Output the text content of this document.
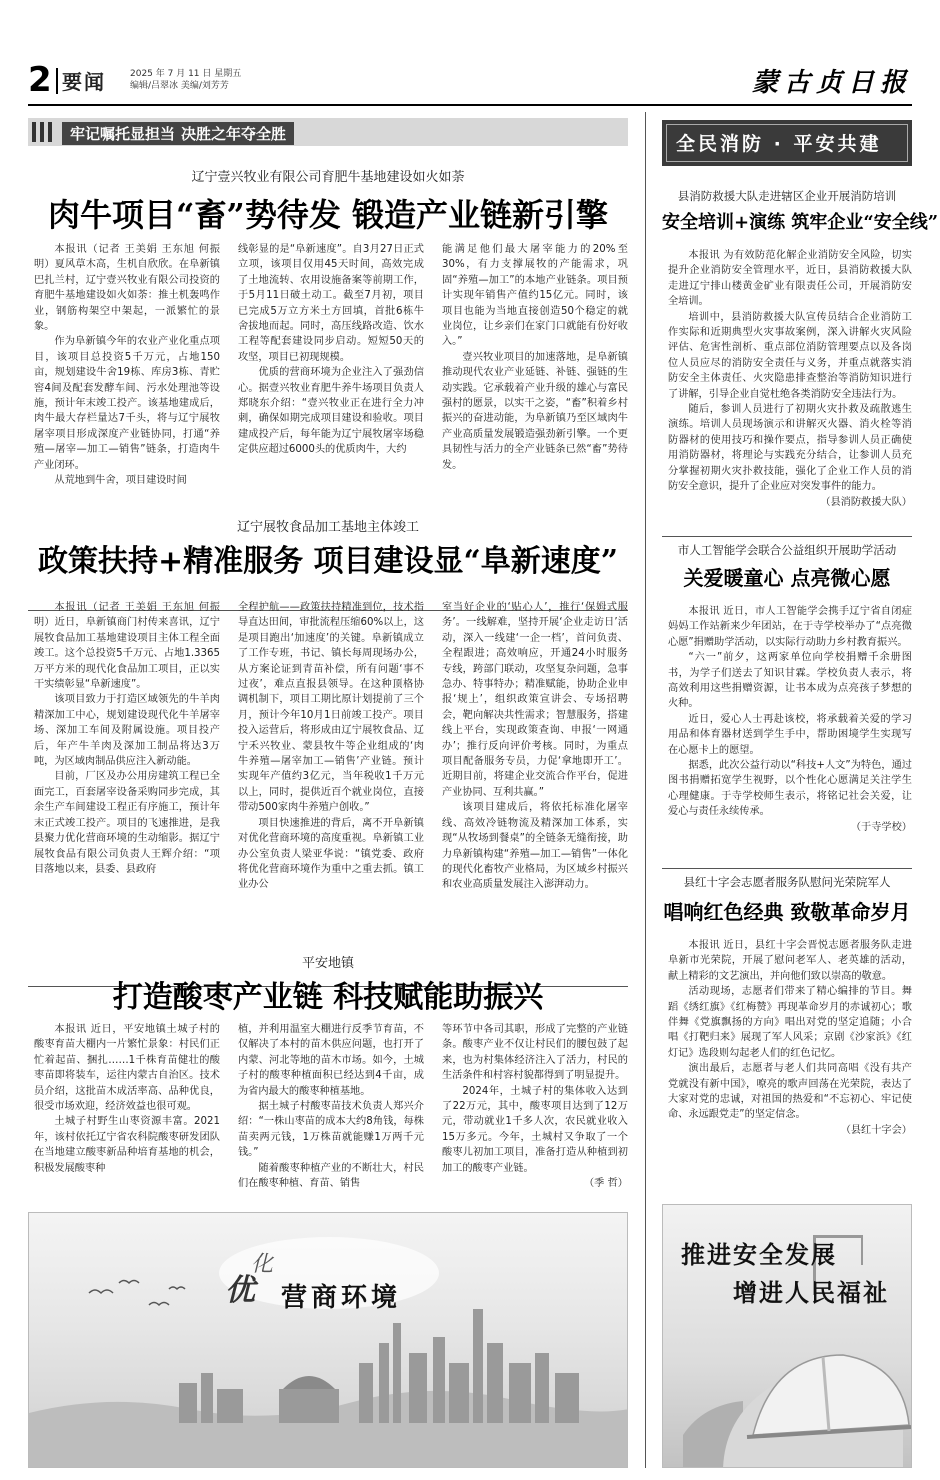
2 要闻	2025 年 7 月 11 日 星期五
编辑/吕翠冰 美编/刘芳芳	蒙古贞日报
牢记嘱托显担当 决胜之年夺全胜
辽宁壹兴牧业有限公司育肥牛基地建设如火如荼
肉牛项目“畜”势待发 锻造产业链新引擎

本报讯（记者 王美娟 王东旭 何振明）夏风草木高，生机自欣欣。在阜新镇巴扎兰村，辽宁壹兴牧业有限公司投资的育肥牛基地建设如火如荼：推土机轰鸣作业，钢筋构架空中架起，一派繁忙的景象。

作为阜新镇今年的农业产业化重点项目，该项目总投资5千万元，占地150亩，规划建设牛舍19栋、库房3栋、青贮窖4间及配套发酵车间、污水处理池等设施，预计年末竣工投产。该基地建成后，肉牛最大存栏量达7千头，将与辽宁展牧屠宰项目形成深度产业链协同，打通“养殖—屠宰—加工—销售”链条，打造肉牛产业闭环。

从荒地到牛舍，项目建设时间

线彰显的是“阜新速度”。自3月27日正式立项，该项目仅用45天时间，高效完成了土地流转、农用设施备案等前期工作，于5月11日破土动工。截至7月初，项目已完成5万立方米土方回填，首批6栋牛舍拔地而起。同时，高压线路改造、饮水工程等配套建设同步启动。短短50天的攻坚，项目已初现规模。

优质的营商环境为企业注入了强劲信心。据壹兴牧业育肥牛养牛场项目负责人郑晓东介绍：“壹兴牧业正在进行全力冲刺，确保如期完成项目建设和验收。项目建成投产后，每年能为辽宁展牧屠宰场稳定供应超过6000头的优质肉牛，大约

能满足他们最大屠宰能力的20%至30%，有力支撑展牧的产能需求，巩固“养殖—加工”的本地产业链条。项目预计实现年销售产值约15亿元。同时，该项目也能为当地直接创造50个稳定的就业岗位，让乡亲们在家门口就能有份好收入。”

壹兴牧业项目的加速落地，是阜新镇推动现代农业产业延链、补链、强链的生动实践。它承载着产业升级的雄心与富民强村的愿景，以实干之姿，“畜”积着乡村振兴的奋进动能，为阜新镇乃至区域肉牛产业高质量发展锻造强劲新引擎。一个更具韧性与活力的全产业链条已然“畜”势待发。

辽宁展牧食品加工基地主体竣工
政策扶持+精准服务 项目建设显“阜新速度”

本报讯（记者 王美娟 王东旭 何振明）近日，阜新镇商门村传来喜讯，辽宁展牧食品加工基地建设项目主体工程全面竣工。这个总投资5千万元、占地1.3365万平方米的现代化食品加工项目，正以实干实绩彰显“阜新速度”。

该项目致力于打造区域领先的牛羊肉精深加工中心，规划建设现代化牛羊屠宰场、深加工车间及附属设施。项目投产后，年产牛羊肉及深加工制品将达3万吨，为区域肉制品供应注入新动能。

目前，厂区及办公用房建筑工程已全面完工，百套屠宰设备采购同步完成，其余生产车间建设工程正有序施工，预计年末正式竣工投产。项目的飞速推进，是我县聚力优化营商环境的生动缩影。据辽宁展牧食品有限公司负责人王辉介绍：“项目落地以来，县委、县政府

全程护航——政策扶持精准到位，技术指导直达田间，审批流程压缩60%以上，这是项目跑出‘加速度’的关键。阜新镇成立了工作专班，书记、镇长每周现场办公，从方案论证到青苗补偿，所有问题‘事不过夜’，难点直报县领导。在这种顶格协调机制下，项目工期比原计划提前了三个月，预计今年10月1日前竣工投产。项目投入运营后，将形成由辽宁展牧食品、辽宁禾兴牧业、蒙县牧牛等企业组成的‘肉牛养殖—屠宰加工—销售’产业链。预计实现年产值约3亿元，当年税收1千万元以上，同时，提供近百个就业岗位，直接带动500家肉牛养殖户创收。”

项目快速推进的背后，离不开阜新镇对优化营商环境的高度重视。阜新镇工业办公室负责人梁亚华说：“镇党委、政府将优化营商环境作为重中之重去抓。镇工业办公

室当好企业的‘贴心人’，推行‘保姆式服务’。一线解难，坚持开展‘企业走访日’活动，深入一线建‘一企一档’，首问负责、全程跟进；高效响应，开通24小时服务专线，跨部门联动，攻坚复杂问题，急事急办、特事特办；精准赋能，协助企业申报‘规上’，组织政策宣讲会、专场招聘会，靶向解决共性需求；智慧服务，搭建线上平台，实现政策查询、申报‘一网通办’；推行反向评价考核。同时，为重点项目配备服务专员，力促‘拿地即开工’。近期目前，将建企业交流合作平台，促进产业协同、互利共赢。”

该项目建成后，将依托标准化屠宰线、高效冷链物流及精深加工体系，实现“从牧场到餐桌”的全链条无缝衔接，助力阜新镇构建“养殖—加工—销售”一体化的现代化畜牧产业格局，为区域乡村振兴和农业高质量发展注入澎湃动力。

平安地镇
打造酸枣产业链 科技赋能助振兴

本报讯 近日，平安地镇土城子村的酸枣育苗大棚内一片繁忙景象：村民们正忙着起苗、捆扎……1千株育苗健壮的酸枣苗即将装车，运往内蒙古自治区。技术员介绍，这批苗木成活率高、品种优良，很受市场欢迎，经济效益也很可观。

土城子村野生山枣资源丰富。2021年，该村依托辽宁省农科院酸枣研发团队在当地建立酸枣新品种培育基地的机会，积极发展酸枣种

植，并利用温室大棚进行反季节育苗，不仅解决了本村的苗木供应问题，也打开了内蒙、河北等地的苗木市场。如今，土城子村的酸枣种植面积已经达到4千亩，成为省内最大的酸枣种植基地。

据土城子村酸枣苗技术负责人郑兴介绍：“一株山枣苗的成本大约8角钱，每株苗卖两元钱，1万株苗就能赚1万两千元钱。”

随着酸枣种植产业的不断壮大，村民们在酸枣种植、育苗、销售

等环节中各司其职，形成了完整的产业链条。酸枣产业不仅让村民们的腰包鼓了起来，也为村集体经济注入了活力，村民的生活条件和村容村貌都得到了明显提升。

2024年，土城子村的集体收入达到了22万元，其中，酸枣项目达到了12万元，带动就业1千多人次，农民就业收入15万多元。今年，土城村又争取了一个酸枣儿初加工项目，准备打造从种植到初加工的酸枣产业链。

（季 哲）

化
优 营商环境
全民消防 · 平安共建
县消防救援大队走进辖区企业开展消防培训
安全培训+演练 筑牢企业“安全线”

本报讯 为有效防范化解企业消防安全风险，切实提升企业消防安全管理水平，近日，县消防救援大队走进辽宁排山楼黄金矿业有限责任公司，开展消防安全培训。

培训中，县消防救援大队宣传员结合企业消防工作实际和近期典型火灾事故案例，深入讲解火灾风险评估、危害性剖析、重点部位消防管理要点以及各岗位人员应尽的消防安全责任与义务，并重点就落实消防安全主体责任、火灾隐患排查整治等消防知识进行了讲解，引导企业自觉杜绝各类消防安全违法行为。

随后，参训人员进行了初期火灾扑救及疏散逃生演练。培训人员现场演示和讲解灭火器、消火栓等消防器材的使用技巧和操作要点，指导参训人员正确使用消防器材，将理论与实践充分结合，让参训人员充分掌握初期火灾扑救技能，强化了企业工作人员的消防安全意识，提升了企业应对突发事件的能力。

（县消防救援大队）

市人工智能学会联合公益组织开展助学活动
关爱暖童心 点亮微心愿

本报讯 近日，市人工智能学会携手辽宁省自闭症妈妈工作站新来少年团站，在于寺学校举办了“点亮微心愿”捐赠助学活动，以实际行动助力乡村教育振兴。

“六一”前夕，这两家单位向学校捐赠千余册图书，为学子们送去了知识甘霖。学校负责人表示，将高效利用这些捐赠资源，让书本成为点亮孩子梦想的火种。

近日，爱心人士再赴该校，将承载着关爱的学习用品和体育器材送到学生手中，帮助困境学生实现写在心愿卡上的愿望。

据悉，此次公益行动以“科技+人文”为特色，通过图书捐赠拓宽学生视野，以个性化心愿满足关注学生心理健康。于寺学校师生表示，将铭记社会关爱，让爱心与责任永续传承。

（于寺学校）

县红十字会志愿者服务队慰问光荣院军人
唱响红色经典 致敬革命岁月

本报讯 近日，县红十字会晋悦志愿者服务队走进阜新市光荣院，开展了慰问老军人、老英雄的活动，献上精彩的文艺演出，并向他们致以崇高的敬意。

活动现场，志愿者们带来了精心编排的节目。舞蹈《绣红旗》《红梅赞》再现革命岁月的赤诚初心；歌伴舞《党旗飘扬的方向》唱出对党的坚定追随；小合唱《打靶归来》展现了军人风采；京剧《沙家浜》《红灯记》选段则勾起老人们的红色记忆。

演出最后，志愿者与老人们共同高唱《没有共产党就没有新中国》，嘹亮的歌声回荡在光荣院，表达了大家对党的忠诚，对祖国的热爱和“不忘初心、牢记使命、永远跟党走”的坚定信念。

（县红十字会）

推进安全发展
增进人民福祉
